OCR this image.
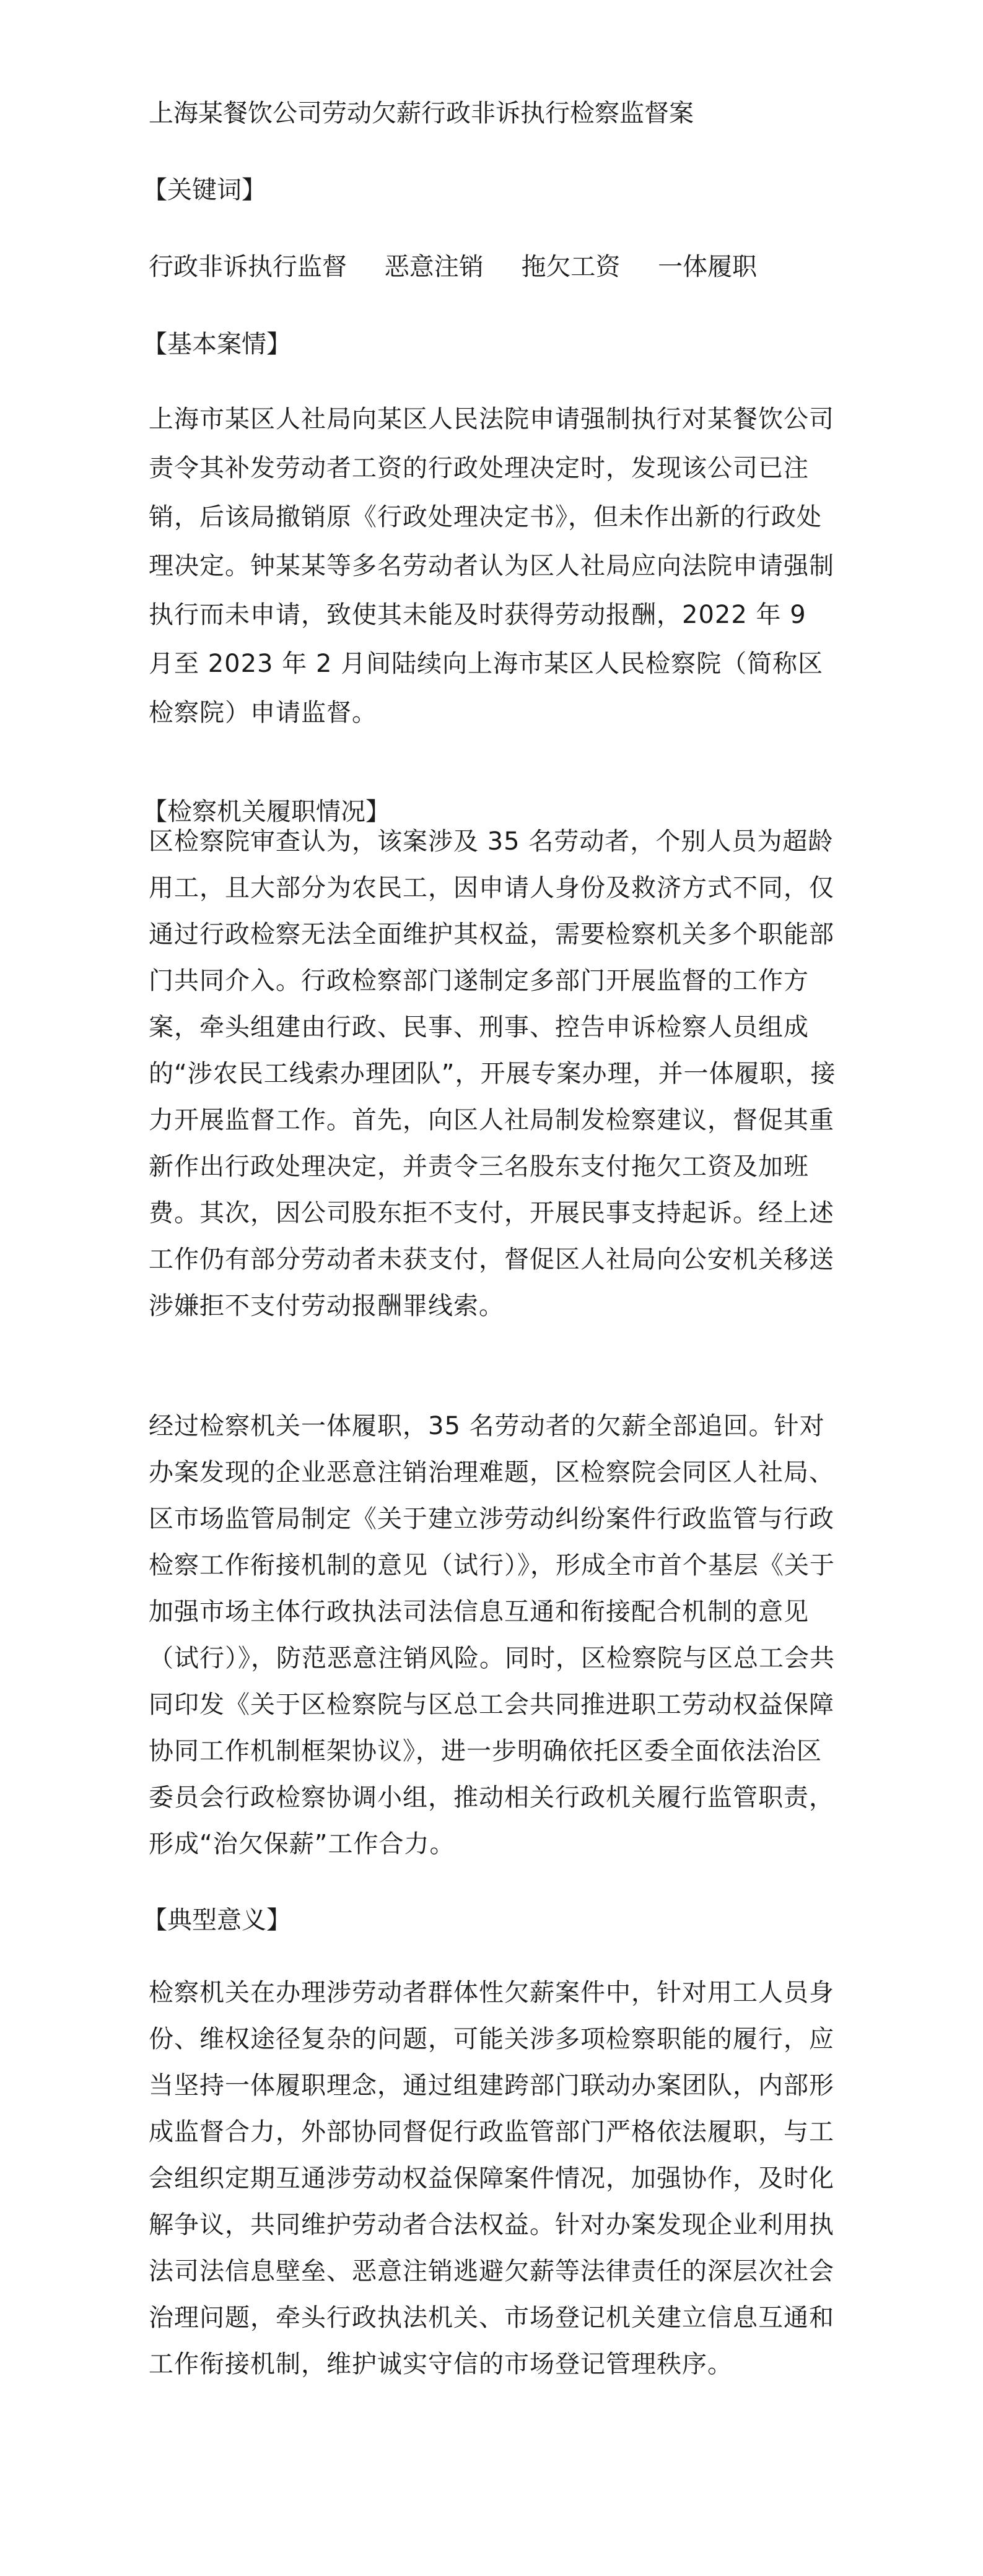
上海某餐饮公司劳动欠薪行政非诉执行检察监督案
【关键词】
行政非诉执行监督 恶意注销 拖欠工资 一体履职
【基本案情】
上海市某区人社局向某区人民法院申请强制执行对某餐饮公司责令其补发劳动者工资的行政处理决定时，发现该公司已注销，后该局撤销原《行政处理决定书》，但未作出新的行政处理决定。钟某某等多名劳动者认为区人社局应向法院申请强制执行而未申请，致使其未能及时获得劳动报酬，2022 年 9 月至 2023 年 2 月间陆续向上海市某区人民检察院（简称区检察院）申请监督。
【检察机关履职情况】
区检察院审查认为，该案涉及 35 名劳动者，个别人员为超龄用工，且大部分为农民工，因申请人身份及救济方式不同，仅通过行政检察无法全面维护其权益，需要检察机关多个职能部门共同介入。行政检察部门遂制定多部门开展监督的工作方案，牵头组建由行政、民事、刑事、控告申诉检察人员组成的“涉农民工线索办理团队”，开展专案办理，并一体履职，接力开展监督工作。首先，向区人社局制发检察建议，督促其重新作出行政处理决定，并责令三名股东支付拖欠工资及加班费。其次，因公司股东拒不支付，开展民事支持起诉。经上述工作仍有部分劳动者未获支付，督促区人社局向公安机关移送涉嫌拒不支付劳动报酬罪线索。
经过检察机关一体履职，35 名劳动者的欠薪全部追回。针对办案发现的企业恶意注销治理难题，区检察院会同区人社局、区市场监管局制定《关于建立涉劳动纠纷案件行政监管与行政检察工作衔接机制的意见（试行）》，形成全市首个基层《关于加强市场主体行政执法司法信息互通和衔接配合机制的意见（试行）》，防范恶意注销风险。同时，区检察院与区总工会共同印发《关于区检察院与区总工会共同推进职工劳动权益保障协同工作机制框架协议》，进一步明确依托区委全面依法治区委员会行政检察协调小组，推动相关行政机关履行监管职责，形成“治欠保薪”工作合力。
【典型意义】
检察机关在办理涉劳动者群体性欠薪案件中，针对用工人员身份、维权途径复杂的问题，可能关涉多项检察职能的履行，应当坚持一体履职理念，通过组建跨部门联动办案团队，内部形成监督合力，外部协同督促行政监管部门严格依法履职，与工会组织定期互通涉劳动权益保障案件情况，加强协作，及时化解争议，共同维护劳动者合法权益。针对办案发现企业利用执法司法信息壁垒、恶意注销逃避欠薪等法律责任的深层次社会治理问题，牵头行政执法机关、市场登记机关建立信息互通和工作衔接机制，维护诚实守信的市场登记管理秩序。
